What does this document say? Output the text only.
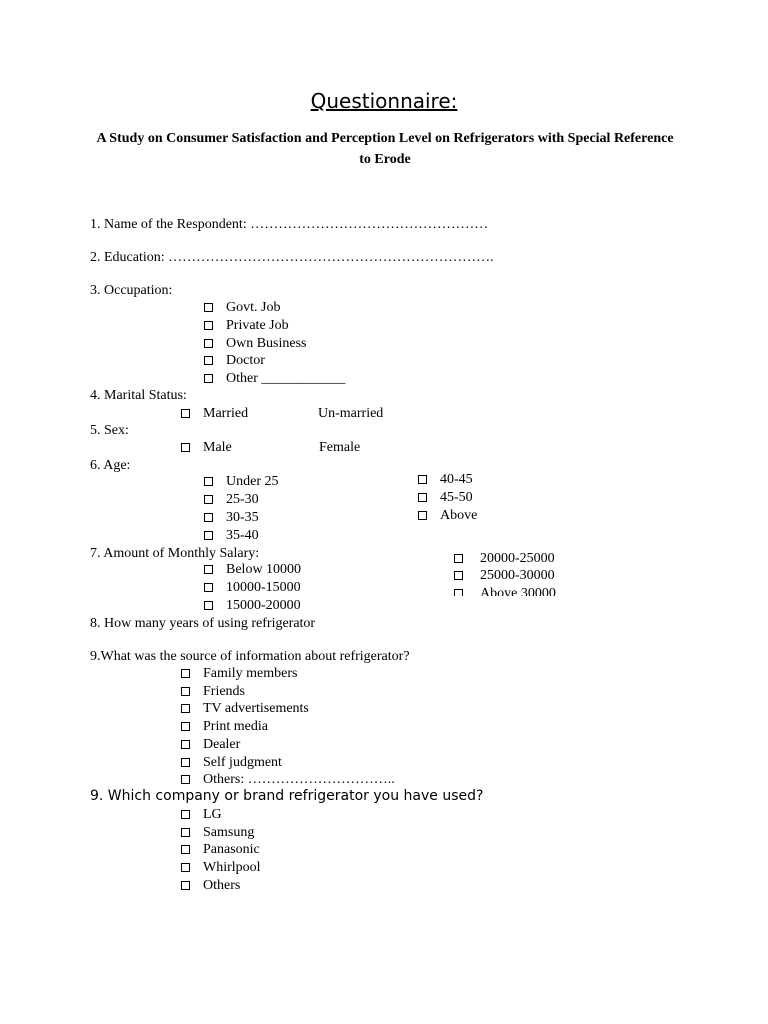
Questionnaire:
A Study on Consumer Satisfaction and Perception Level on Refrigerators with Special Reference to Erode
1. Name of the Respondent: ……………………………………………
2. Education: …………………………………………………………….
3. Occupation:
Govt. Job
Private Job
Own Business
Doctor
Other ____________
4. Marital Status:
Married	Un-married
5. Sex:
Male	Female
6. Age:
Under 25
25-30
30-35
35-40
40-45
45-50
Above
7. Amount of Monthly Salary:
Below 10000
10000-15000
15000-20000
20000-25000
25000-30000
Above 30000
8. How many years of using refrigerator
9.What was the source of information about refrigerator?
Family members
Friends
TV advertisements
Print media
Dealer
Self judgment
Others: …………………………..
9. Which company or brand refrigerator you have used?
LG
Samsung
Panasonic
Whirlpool
Others
